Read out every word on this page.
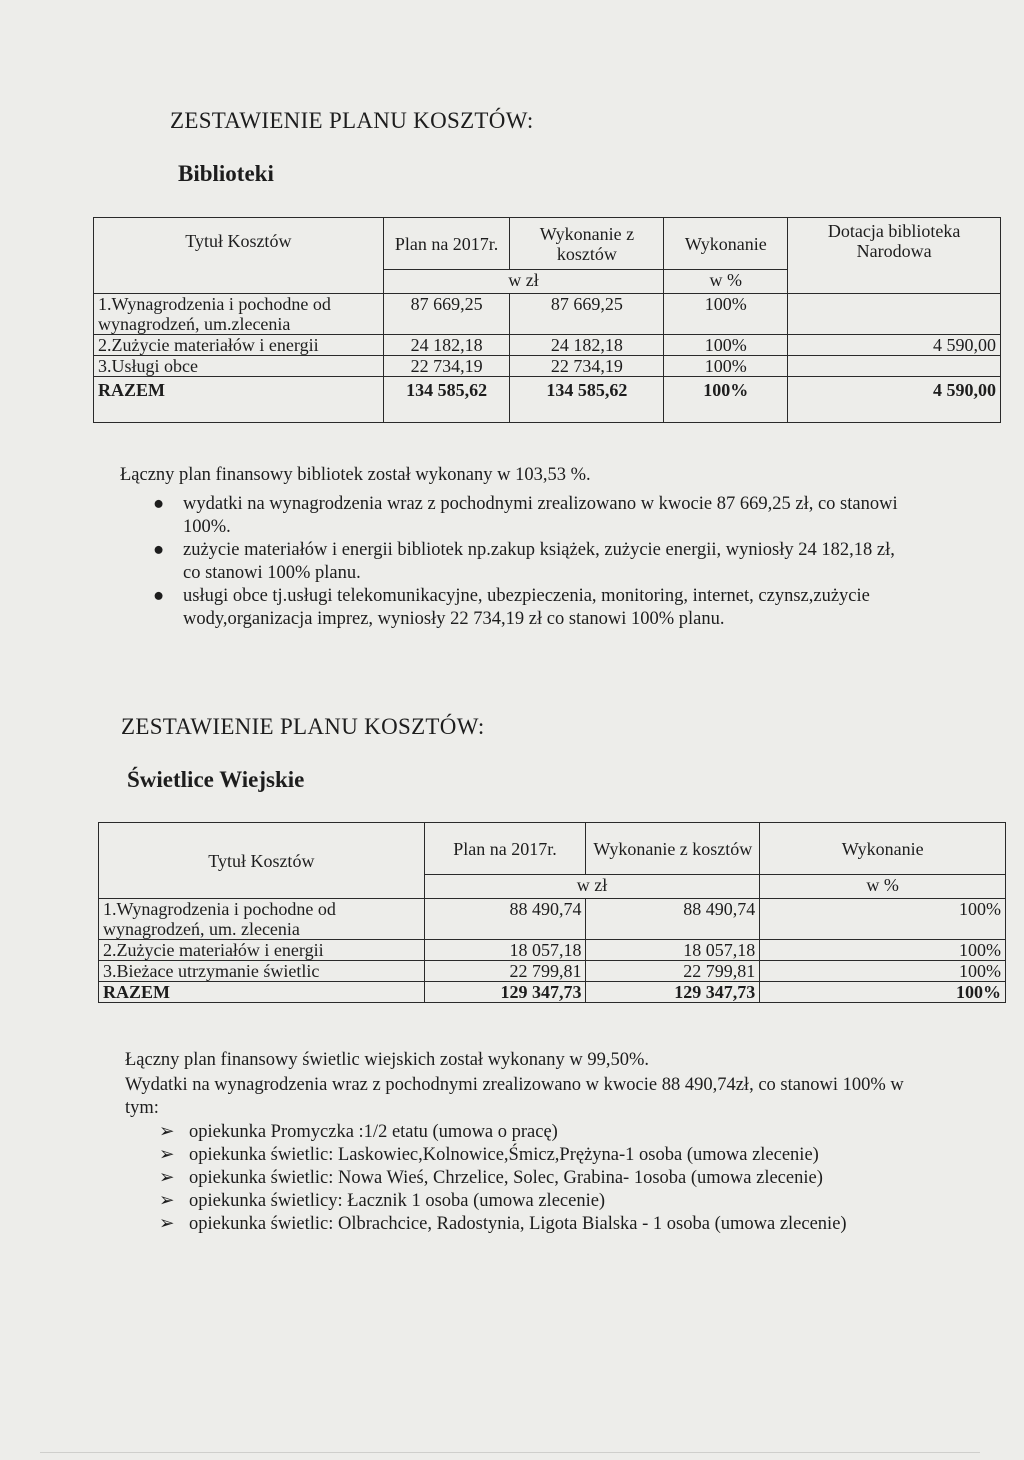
ZESTAWIENIE PLANU KOSZTÓW:
Biblioteki
Tytuł Kosztów	Plan na 2017r.	Wykonanie z kosztów	Wykonanie	Dotacja biblioteka Narodowa
	w zł		w %	
1.Wynagrodzenia i pochodne od wynagrodzeń, um.zlecenia	87 669,25	87 669,25	100%	
2.Zużycie materiałów i energii	24 182,18	24 182,18	100%	4 590,00
3.Usługi obce	22 734,19	22 734,19	100%	
RAZEM	134 585,62	134 585,62	100%	4 590,00

Łączny plan finansowy bibliotek został wykonany w 103,53 %.

● wydatki na wynagrodzenia wraz z pochodnymi zrealizowano w kwocie 87 669,25 zł, co stanowi 100%.
● zużycie materiałów i energii bibliotek np.zakup książek, zużycie energii, wyniosły 24 182,18 zł, co stanowi 100% planu.
● usługi obce tj.usługi telekomunikacyjne, ubezpieczenia, monitoring, internet, czynsz,zużycie wody,organizacja imprez, wyniosły 22 734,19 zł co stanowi 100% planu.
ZESTAWIENIE PLANU KOSZTÓW:
Świetlice Wiejskie
Tytuł Kosztów	Plan na 2017r.	Wykonanie z kosztów	Wykonanie
	w zł		w %
1.Wynagrodzenia i pochodne od wynagrodzeń, um. zlecenia	88 490,74	88 490,74	100%
2.Zużycie materiałów i energii	18 057,18	18 057,18	100%
3.Bieżace utrzymanie świetlic	22 799,81	22 799,81	100%
RAZEM	129 347,73	129 347,73	100%

Łączny plan finansowy świetlic wiejskich został wykonany w 99,50%.

Wydatki na wynagrodzenia wraz z pochodnymi zrealizowano w kwocie 88 490,74zł, co stanowi 100% w tym:

➢ opiekunka Promyczka :1/2 etatu (umowa o pracę)
➢ opiekunka świetlic: Laskowiec,Kolnowice,Śmicz,Prężyna-1 osoba (umowa zlecenie)
➢ opiekunka świetlic: Nowa Wieś, Chrzelice, Solec, Grabina- 1osoba (umowa zlecenie)
➢ opiekunka świetlicy: Łacznik 1 osoba (umowa zlecenie)
➢ opiekunka świetlic: Olbrachcice, Radostynia, Ligota Bialska - 1 osoba (umowa zlecenie)
